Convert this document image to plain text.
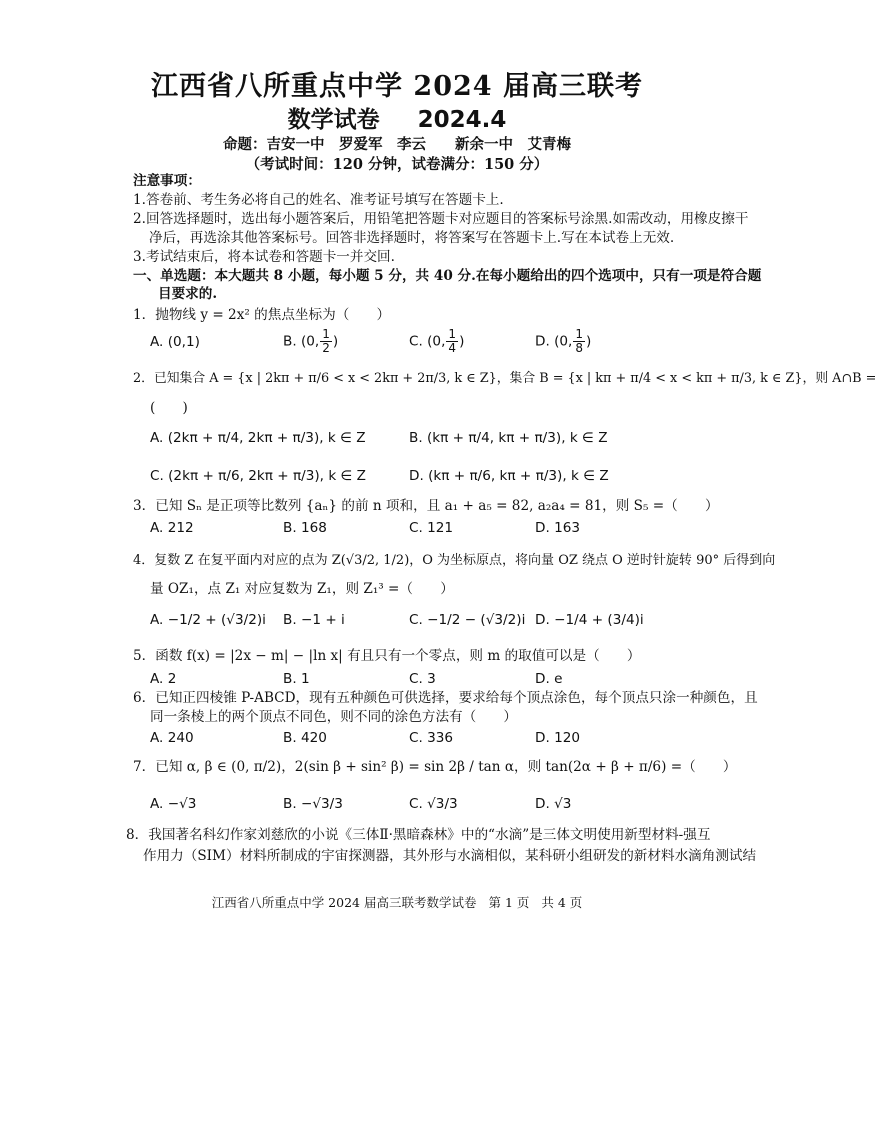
江西省八所重点中学 2024 届高三联考
数学试卷 2024.4
命题：吉安一中　罗爱军　李云　　新余一中　艾青梅
（考试时间：120 分钟，试卷满分：150 分）
注意事项：
1.答卷前、考生务必将自己的姓名、准考证号填写在答题卡上.
2.回答选择题时，选出每小题答案后，用铅笔把答题卡对应题目的答案标号涂黑.如需改动，用橡皮擦干
净后，再选涂其他答案标号。回答非选择题时，将答案写在答题卡上.写在本试卷上无效.
3.考试结束后，将本试卷和答题卡一并交回.
一、单选题：本大题共 8 小题，每小题 5 分，共 40 分.在每小题给出的四个选项中，只有一项是符合题
目要求的.
1．抛物线 y = 2x² 的焦点坐标为（　　）
A. (0,1)	B. (0, $\frac{1}{2}$ )	C. (0, $\frac{1}{4}$ )	D. (0, $\frac{1}{8}$ )
2．已知集合 A = {x | 2kπ + π/6 < x < 2kπ + 2π/3, k ∈ Z}，集合 B = {x | kπ + π/4 < x < kπ + π/3, k ∈ Z}，则 A∩B =
(　　)
A. (2kπ + π/4, 2kπ + π/3), k ∈ Z	B. (kπ + π/4, kπ + π/3), k ∈ Z
C. (2kπ + π/6, 2kπ + π/3), k ∈ Z	D. (kπ + π/6, kπ + π/3), k ∈ Z
3．已知 Sₙ 是正项等比数列 {aₙ} 的前 n 项和，且 a₁ + a₅ = 82, a₂a₄ = 81，则 S₅ =（　　）
A. 212	B. 168	C. 121	D. 163
4．复数 Z 在复平面内对应的点为 Z(√3/2, 1/2)，O 为坐标原点，将向量 OZ 绕点 O 逆时针旋转 90° 后得到向
量 OZ₁，点 Z₁ 对应复数为 Z₁，则 Z₁³ =（　　）
A. −1/2 + (√3/2)i B. −1 + i	C. −1/2 − (√3/2)i D. −1/4 + (3/4)i
5．函数 f(x) = |2x − m| − |ln x| 有且只有一个零点，则 m 的取值可以是（　　）
A. 2	B. 1	C. 3	D. e
6．已知正四棱锥 P-ABCD，现有五种颜色可供选择，要求给每个顶点涂色，每个顶点只涂一种颜色，且
同一条棱上的两个顶点不同色，则不同的涂色方法有（　　）
A. 240	B. 420	C. 336	D. 120
7．已知 α, β ∈ (0, π/2)，2(sin β + sin² β) = sin 2β / tan α，则 tan(2α + β + π/6) =（　　）
A. −√3	B. −√3/3	C. √3/3	D. √3
8．我国著名科幻作家刘慈欣的小说《三体Ⅱ·黑暗森林》中的“水滴”是三体文明使用新型材料-强互
作用力（SIM）材料所制成的宇宙探测器，其外形与水滴相似，某科研小组研发的新材料水滴角测试结
江西省八所重点中学 2024 届高三联考数学试卷 第 1 页 共 4 页
